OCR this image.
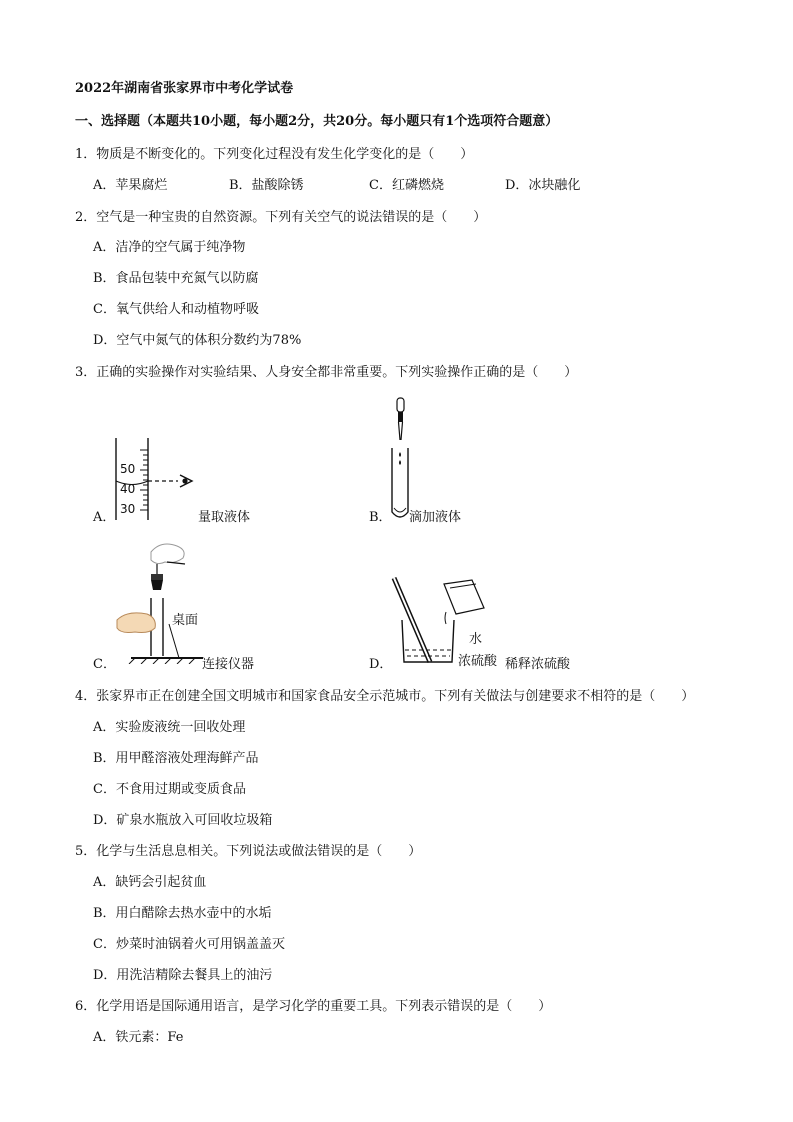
2022年湖南省张家界市中考化学试卷
一、选择题（本题共10小题，每小题2分，共20分。每小题只有1个选项符合题意）
1．物质是不断变化的。下列变化过程没有发生化学变化的是（　　）
A．苹果腐烂	B．盐酸除锈	C．红磷燃烧	D．冰块融化
2．空气是一种宝贵的自然资源。下列有关空气的说法错误的是（　　）
A．洁净的空气属于纯净物
B．食品包装中充氮气以防腐
C．氧气供给人和动植物呼吸
D．空气中氮气的体积分数约为78%
3．正确的实验操作对实验结果、人身安全都非常重要。下列实验操作正确的是（　　）
A．
50
40
30
量取液体	B． 滴加液体
C．
桌面
连接仪器	D．
水
浓硫酸 稀释浓硫酸
4．张家界市正在创建全国文明城市和国家食品安全示范城市。下列有关做法与创建要求不相符的是（　　）
A．实验废液统一回收处理
B．用甲醛溶液处理海鲜产品
C．不食用过期或变质食品
D．矿泉水瓶放入可回收垃圾箱
5．化学与生活息息相关。下列说法或做法错误的是（　　）
A．缺钙会引起贫血
B．用白醋除去热水壶中的水垢
C．炒菜时油锅着火可用锅盖盖灭
D．用洗洁精除去餐具上的油污
6．化学用语是国际通用语言，是学习化学的重要工具。下列表示错误的是（　　）
A．铁元素：Fe
